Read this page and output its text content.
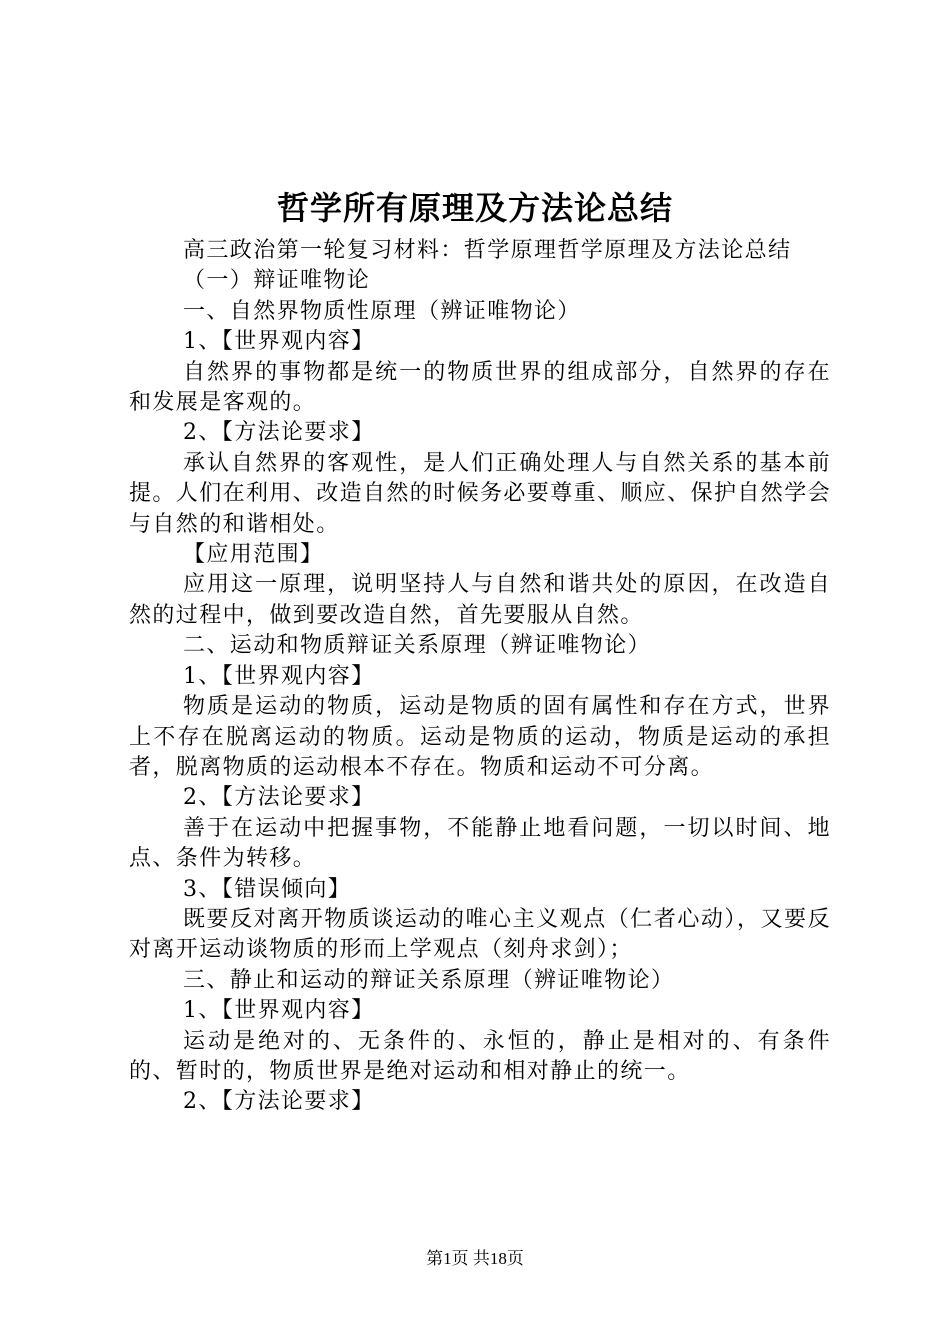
哲学所有原理及方法论总结

高三政治第一轮复习材料：哲学原理哲学原理及方法论总结

（一）辩证唯物论

一、自然界物质性原理（辨证唯物论）

1、【世界观内容】

自然界的事物都是统一的物质世界的组成部分，自然界的存在和发展是客观的。

2、【方法论要求】

承认自然界的客观性，是人们正确处理人与自然关系的基本前提。人们在利用、改造自然的时候务必要尊重、顺应、保护自然学会与自然的和谐相处。

【应用范围】

应用这一原理，说明坚持人与自然和谐共处的原因，在改造自然的过程中，做到要改造自然，首先要服从自然。

二、运动和物质辩证关系原理（辨证唯物论）

1、【世界观内容】

物质是运动的物质，运动是物质的固有属性和存在方式，世界上不存在脱离运动的物质。运动是物质的运动，物质是运动的承担者，脱离物质的运动根本不存在。物质和运动不可分离。

2、【方法论要求】

善于在运动中把握事物，不能静止地看问题，一切以时间、地点、条件为转移。

3、【错误倾向】

既要反对离开物质谈运动的唯心主义观点（仁者心动），又要反对离开运动谈物质的形而上学观点（刻舟求剑）；

三、静止和运动的辩证关系原理（辨证唯物论）

1、【世界观内容】

运动是绝对的、无条件的、永恒的，静止是相对的、有条件的、暂时的，物质世界是绝对运动和相对静止的统一。

2、【方法论要求】

第1页 共18页
